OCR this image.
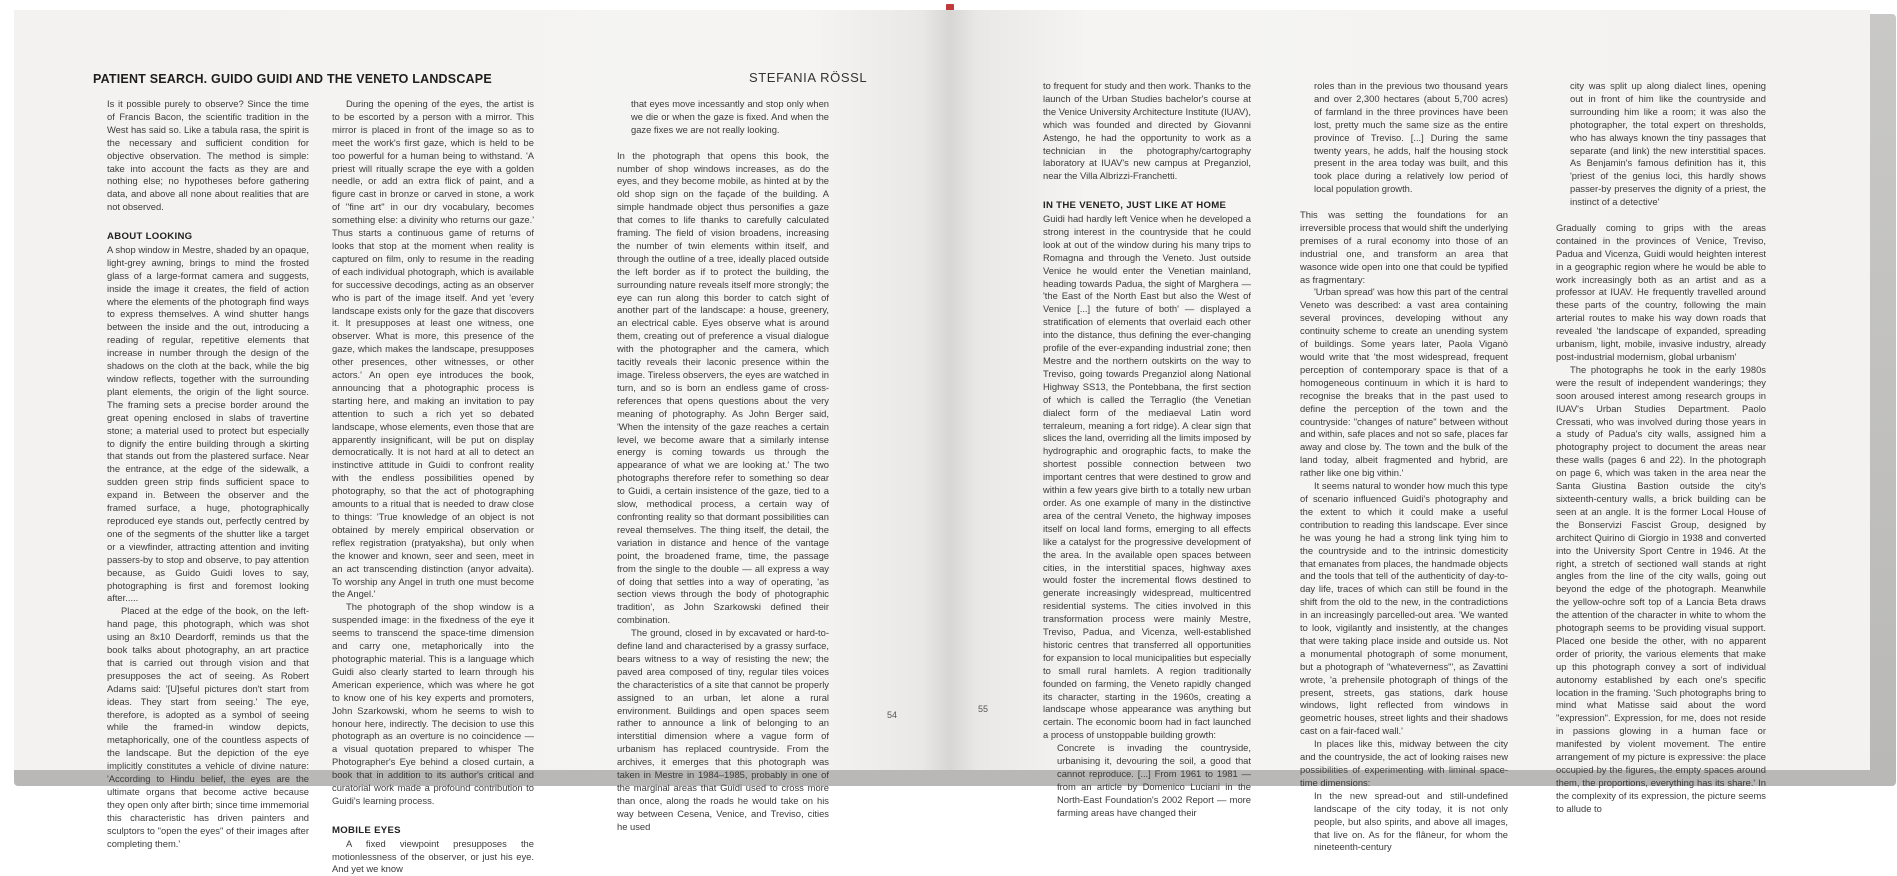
PATIENT SEARCH. GUIDO GUIDI AND THE VENETO LANDSCAPE	STEFANIA RÖSSL

Is it possible purely to observe? Since the time of Francis Bacon, the scientific tradition in the West has said so. Like a tabula rasa, the spirit is the necessary and sufficient condition for objective observation. The method is simple: take into account the facts as they are and nothing else; no hypotheses before gathering data, and above all none about realities that are not observed.

ABOUT LOOKING

A shop window in Mestre, shaded by an opaque, light-grey awning, brings to mind the frosted glass of a large-format camera and suggests, inside the image it creates, the field of action where the elements of the photograph find ways to express themselves. A wind shutter hangs between the inside and the out, introducing a reading of regular, repetitive elements that increase in number through the design of the shadows on the cloth at the back, while the big window reflects, together with the surrounding plant elements, the origin of the light source. The framing sets a precise border around the great opening enclosed in slabs of travertine stone; a material used to protect but especially to dignify the entire building through a skirting that stands out from the plastered surface. Near the entrance, at the edge of the sidewalk, a sudden green strip finds sufficient space to expand in. Between the observer and the framed surface, a huge, photographically reproduced eye stands out, perfectly centred by one of the segments of the shutter like a target or a viewfinder, attracting attention and inviting passers-by to stop and observe, to pay attention because, as Guido Guidi loves to say, photographing is first and foremost looking after.....

Placed at the edge of the book, on the left-hand page, this photograph, which was shot using an 8x10 Deardorff, reminds us that the book talks about photography, an art practice that is carried out through vision and that presupposes the act of seeing. As Robert Adams said: '[U]seful pictures don't start from ideas. They start from seeing.' The eye, therefore, is adopted as a symbol of seeing while the framed-in window depicts, metaphorically, one of the countless aspects of the landscape. But the depiction of the eye implicitly constitutes a vehicle of divine nature: 'According to Hindu belief, the eyes are the ultimate organs that become active because they open only after birth; since time immemorial this characteristic has driven painters and sculptors to "open the eyes" of their images after completing them.'

During the opening of the eyes, the artist is to be escorted by a person with a mirror. This mirror is placed in front of the image so as to meet the work's first gaze, which is held to be too powerful for a human being to withstand. 'A priest will ritually scrape the eye with a golden needle, or add an extra flick of paint, and a figure cast in bronze or carved in stone, a work of "fine art" in our dry vocabulary, becomes something else: a divinity who returns our gaze.' Thus starts a continuous game of returns of looks that stop at the moment when reality is captured on film, only to resume in the reading of each individual photograph, which is available for successive decodings, acting as an observer who is part of the image itself. And yet 'every landscape exists only for the gaze that discovers it. It presupposes at least one witness, one observer. What is more, this presence of the gaze, which makes the landscape, presupposes other presences, other witnesses, or other actors.' An open eye introduces the book, announcing that a photographic process is starting here, and making an invitation to pay attention to such a rich yet so debated landscape, whose elements, even those that are apparently insignificant, will be put on display democratically. It is not hard at all to detect an instinctive attitude in Guidi to confront reality with the endless possibilities opened by photography, so that the act of photographing amounts to a ritual that is needed to draw close to things: 'True knowledge of an object is not obtained by merely empirical observation or reflex registration (pratyaksha), but only when the knower and known, seer and seen, meet in an act transcending distinction (anyor advaita). To worship any Angel in truth one must become the Angel.'

The photograph of the shop window is a suspended image: in the fixedness of the eye it seems to transcend the space-time dimension and carry one, metaphorically into the photographic material. This is a language which Guidi also clearly started to learn through his American experience, which was where he got to know one of his key experts and promoters, John Szarkowski, whom he seems to wish to honour here, indirectly. The decision to use this photograph as an overture is no coincidence — a visual quotation prepared to whisper The Photographer's Eye behind a closed curtain, a book that in addition to its author's critical and curatorial work made a profound contribution to Guidi's learning process.

MOBILE EYES

A fixed viewpoint presupposes the motionlessness of the observer, or just his eye. And yet we know

that eyes move incessantly and stop only when we die or when the gaze is fixed. And when the gaze fixes we are not really looking.

In the photograph that opens this book, the number of shop windows increases, as do the eyes, and they become mobile, as hinted at by the old shop sign on the façade of the building. A simple handmade object thus personifies a gaze that comes to life thanks to carefully calculated framing. The field of vision broadens, increasing the number of twin elements within itself, and through the outline of a tree, ideally placed outside the left border as if to protect the building, the surrounding nature reveals itself more strongly; the eye can run along this border to catch sight of another part of the landscape: a house, greenery, an electrical cable. Eyes observe what is around them, creating out of preference a visual dialogue with the photographer and the camera, which tacitly reveals their laconic presence within the image. Tireless observers, the eyes are watched in turn, and so is born an endless game of cross-references that opens questions about the very meaning of photography. As John Berger said, 'When the intensity of the gaze reaches a certain level, we become aware that a similarly intense energy is coming towards us through the appearance of what we are looking at.' The two photographs therefore refer to something so dear to Guidi, a certain insistence of the gaze, tied to a slow, methodical process, a certain way of confronting reality so that dormant possibilities can reveal themselves. The thing itself, the detail, the variation in distance and hence of the vantage point, the broadened frame, time, the passage from the single to the double — all express a way of doing that settles into a way of operating, 'as section views through the body of photographic tradition', as John Szarkowski defined their combination.

The ground, closed in by excavated or hard-to-define land and characterised by a grassy surface, bears witness to a way of resisting the new; the paved area composed of tiny, regular tiles voices the characteristics of a site that cannot be properly assigned to an urban, let alone a rural environment. Buildings and open spaces seem rather to announce a link of belonging to an interstitial dimension where a vague form of urbanism has replaced countryside. From the archives, it emerges that this photograph was taken in Mestre in 1984–1985, probably in one of the marginal areas that Guidi used to cross more than once, along the roads he would take on his way between Cesena, Venice, and Treviso, cities he used

54

to frequent for study and then work. Thanks to the launch of the Urban Studies bachelor's course at the Venice University Architecture Institute (IUAV), which was founded and directed by Giovanni Astengo, he had the opportunity to work as a technician in the photography/cartography laboratory at IUAV's new campus at Preganziol, near the Villa Albrizzi-Franchetti.

IN THE VENETO, JUST LIKE AT HOME

Guidi had hardly left Venice when he developed a strong interest in the countryside that he could look at out of the window during his many trips to Romagna and through the Veneto. Just outside Venice he would enter the Venetian mainland, heading towards Padua, the sight of Marghera — 'the East of the North East but also the West of Venice [...] the future of both' — displayed a stratification of elements that overlaid each other into the distance, thus defining the ever-changing profile of the ever-expanding industrial zone; then Mestre and the northern outskirts on the way to Treviso, going towards Preganziol along National Highway SS13, the Pontebbana, the first section of which is called the Terraglio (the Venetian dialect form of the mediaeval Latin word terraleum, meaning a fort ridge). A clear sign that slices the land, overriding all the limits imposed by hydrographic and orographic facts, to make the shortest possible connection between two important centres that were destined to grow and within a few years give birth to a totally new urban order. As one example of many in the distinctive area of the central Veneto, the highway imposes itself on local land forms, emerging to all effects like a catalyst for the progressive development of the area. In the available open spaces between cities, in the interstitial spaces, highway axes would foster the incremental flows destined to generate increasingly widespread, multicentred residential systems. The cities involved in this transformation process were mainly Mestre, Treviso, Padua, and Vicenza, well-established historic centres that transferred all opportunities for expansion to local municipalities but especially to small rural hamlets. A region traditionally founded on farming, the Veneto rapidly changed its character, starting in the 1960s, creating a landscape whose appearance was anything but certain. The economic boom had in fact launched a process of unstoppable building growth:

Concrete is invading the countryside, urbanising it, devouring the soil, a good that cannot reproduce. [...] From 1961 to 1981 — from an article by Domenico Luciani in the North-East Foundation's 2002 Report — more farming areas have changed their

roles than in the previous two thousand years and over 2,300 hectares (about 5,700 acres) of farmland in the three provinces have been lost, pretty much the same size as the entire province of Treviso. [...] During the same twenty years, he adds, half the housing stock present in the area today was built, and this took place during a relatively low period of local population growth.

This was setting the foundations for an irreversible process that would shift the underlying premises of a rural economy into those of an industrial one, and transform an area that wasonce wide open into one that could be typified as fragmentary:

'Urban spread' was how this part of the central Veneto was described: a vast area containing several provinces, developing without any continuity scheme to create an unending system of buildings. Some years later, Paola Viganò would write that 'the most widespread, frequent perception of contemporary space is that of a homogeneous continuum in which it is hard to recognise the breaks that in the past used to define the perception of the town and the countryside: "changes of nature" between without and within, safe places and not so safe, places far away and close by. The town and the bulk of the land today, albeit fragmented and hybrid, are rather like one big vithin.'

It seems natural to wonder how much this type of scenario influenced Guidi's photography and the extent to which it could make a useful contribution to reading this landscape. Ever since he was young he had a strong link tying him to the countryside and to the intrinsic domesticity that emanates from places, the handmade objects and the tools that tell of the authenticity of day-to-day life, traces of which can still be found in the shift from the old to the new, in the contradictions in an increasingly parcelled-out area. 'We wanted to look, vigilantly and insistently, at the changes that were taking place inside and outside us. Not a monumental photograph of some monument, but a photograph of "whateverness"', as Zavattini wrote, 'a prehensile photograph of things of the present, streets, gas stations, dark house windows, light reflected from windows in geometric houses, street lights and their shadows cast on a fair-faced wall.'

In places like this, midway between the city and the countryside, the act of looking raises new possibilities of experimenting with liminal space-time dimensions:

In the new spread-out and still-undefined landscape of the city today, it is not only people, but also spirits, and above all images, that live on. As for the flâneur, for whom the nineteenth-century

city was split up along dialect lines, opening out in front of him like the countryside and surrounding him like a room; it was also the photographer, the total expert on thresholds, who has always known the tiny passages that separate (and link) the new interstitial spaces. As Benjamin's famous definition has it, this 'priest of the genius loci, this hardly shows passer-by preserves the dignity of a priest, the instinct of a detective'

Gradually coming to grips with the areas contained in the provinces of Venice, Treviso, Padua and Vicenza, Guidi would heighten interest in a geographic region where he would be able to work increasingly both as an artist and as a professor at IUAV. He frequently travelled around these parts of the country, following the main arterial routes to make his way down roads that revealed 'the landscape of expanded, spreading urbanism, light, mobile, invasive industry, already post-industrial modernism, global urbanism'

The photographs he took in the early 1980s were the result of independent wanderings; they soon aroused interest among research groups in IUAV's Urban Studies Department. Paolo Cressati, who was involved during those years in a study of Padua's city walls, assigned him a photography project to document the areas near these walls (pages 6 and 22). In the photograph on page 6, which was taken in the area near the Santa Giustina Bastion outside the city's sixteenth-century walls, a brick building can be seen at an angle. It is the former Local House of the Bonservizi Fascist Group, designed by architect Quirino di Giorgio in 1938 and converted into the University Sport Centre in 1946. At the right, a stretch of sectioned wall stands at right angles from the line of the city walls, going out beyond the edge of the photograph. Meanwhile the yellow-ochre soft top of a Lancia Beta draws the attention of the character in white to whom the photograph seems to be providing visual support. Placed one beside the other, with no apparent order of priority, the various elements that make up this photograph convey a sort of individual autonomy established by each one's specific location in the framing. 'Such photographs bring to mind what Matisse said about the word "expression". Expression, for me, does not reside in passions glowing in a human face or manifested by violent movement. The entire arrangement of my picture is expressive: the place occupied by the figures, the empty spaces around them, the proportions, everything has its share.' In the complexity of its expression, the picture seems to allude to

55
